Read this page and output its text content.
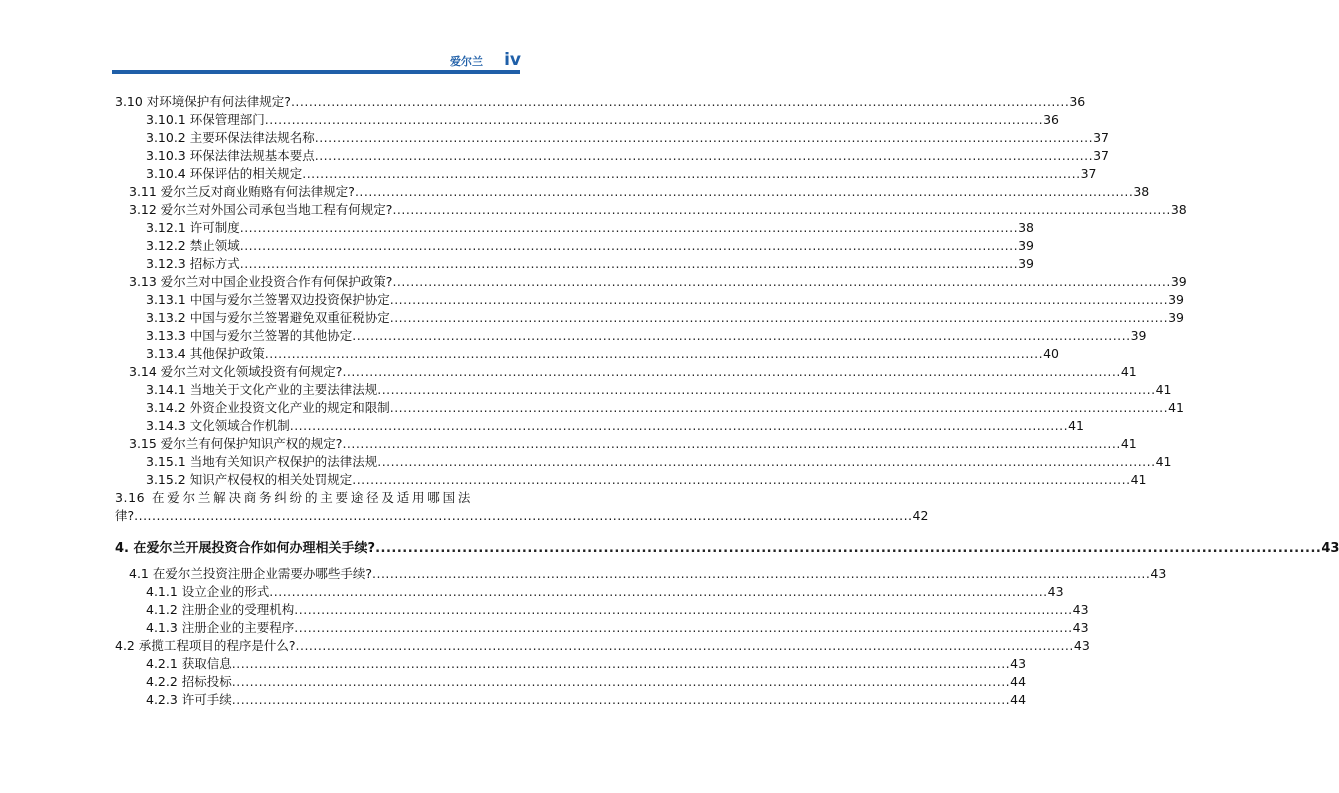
爱尔兰 iv
3.10 对环境保护有何法律规定? .............................................................................................................................................................................. 36
3.10.1 环保管理部门 .............................................................................................................................................................................. 36
3.10.2 主要环保法律法规名称 .............................................................................................................................................................................. 37
3.10.3 环保法律法规基本要点 .............................................................................................................................................................................. 37
3.10.4 环保评估的相关规定 .............................................................................................................................................................................. 37
3.11 爱尔兰反对商业贿赂有何法律规定? .............................................................................................................................................................................. 38
3.12 爱尔兰对外国公司承包当地工程有何规定? .............................................................................................................................................................................. 38
3.12.1 许可制度 .............................................................................................................................................................................. 38
3.12.2 禁止领域 .............................................................................................................................................................................. 39
3.12.3 招标方式 .............................................................................................................................................................................. 39
3.13 爱尔兰对中国企业投资合作有何保护政策? .............................................................................................................................................................................. 39
3.13.1 中国与爱尔兰签署双边投资保护协定 .............................................................................................................................................................................. 39
3.13.2 中国与爱尔兰签署避免双重征税协定 .............................................................................................................................................................................. 39
3.13.3 中国与爱尔兰签署的其他协定 .............................................................................................................................................................................. 39
3.13.4 其他保护政策 .............................................................................................................................................................................. 40
3.14 爱尔兰对文化领域投资有何规定? .............................................................................................................................................................................. 41
3.14.1 当地关于文化产业的主要法律法规 .............................................................................................................................................................................. 41
3.14.2 外资企业投资文化产业的规定和限制 .............................................................................................................................................................................. 41
3.14.3 文化领域合作机制 .............................................................................................................................................................................. 41
3.15 爱尔兰有何保护知识产权的规定? .............................................................................................................................................................................. 41
3.15.1 当地有关知识产权保护的法律法规 .............................................................................................................................................................................. 41
3.15.2 知识产权侵权的相关处罚规定 .............................................................................................................................................................................. 41
3.16 在爱尔兰解决商务纠纷的主要途径及适用哪国法
律? .............................................................................................................................................................................. 42
4. 在爱尔兰开展投资合作如何办理相关手续? .............................................................................................................................................................................. 43
4.1 在爱尔兰投资注册企业需要办哪些手续? .............................................................................................................................................................................. 43
4.1.1 设立企业的形式 .............................................................................................................................................................................. 43
4.1.2 注册企业的受理机构 .............................................................................................................................................................................. 43
4.1.3 注册企业的主要程序 .............................................................................................................................................................................. 43
4.2 承揽工程项目的程序是什么? .............................................................................................................................................................................. 43
4.2.1 获取信息 .............................................................................................................................................................................. 43
4.2.2 招标投标 .............................................................................................................................................................................. 44
4.2.3 许可手续 .............................................................................................................................................................................. 44
